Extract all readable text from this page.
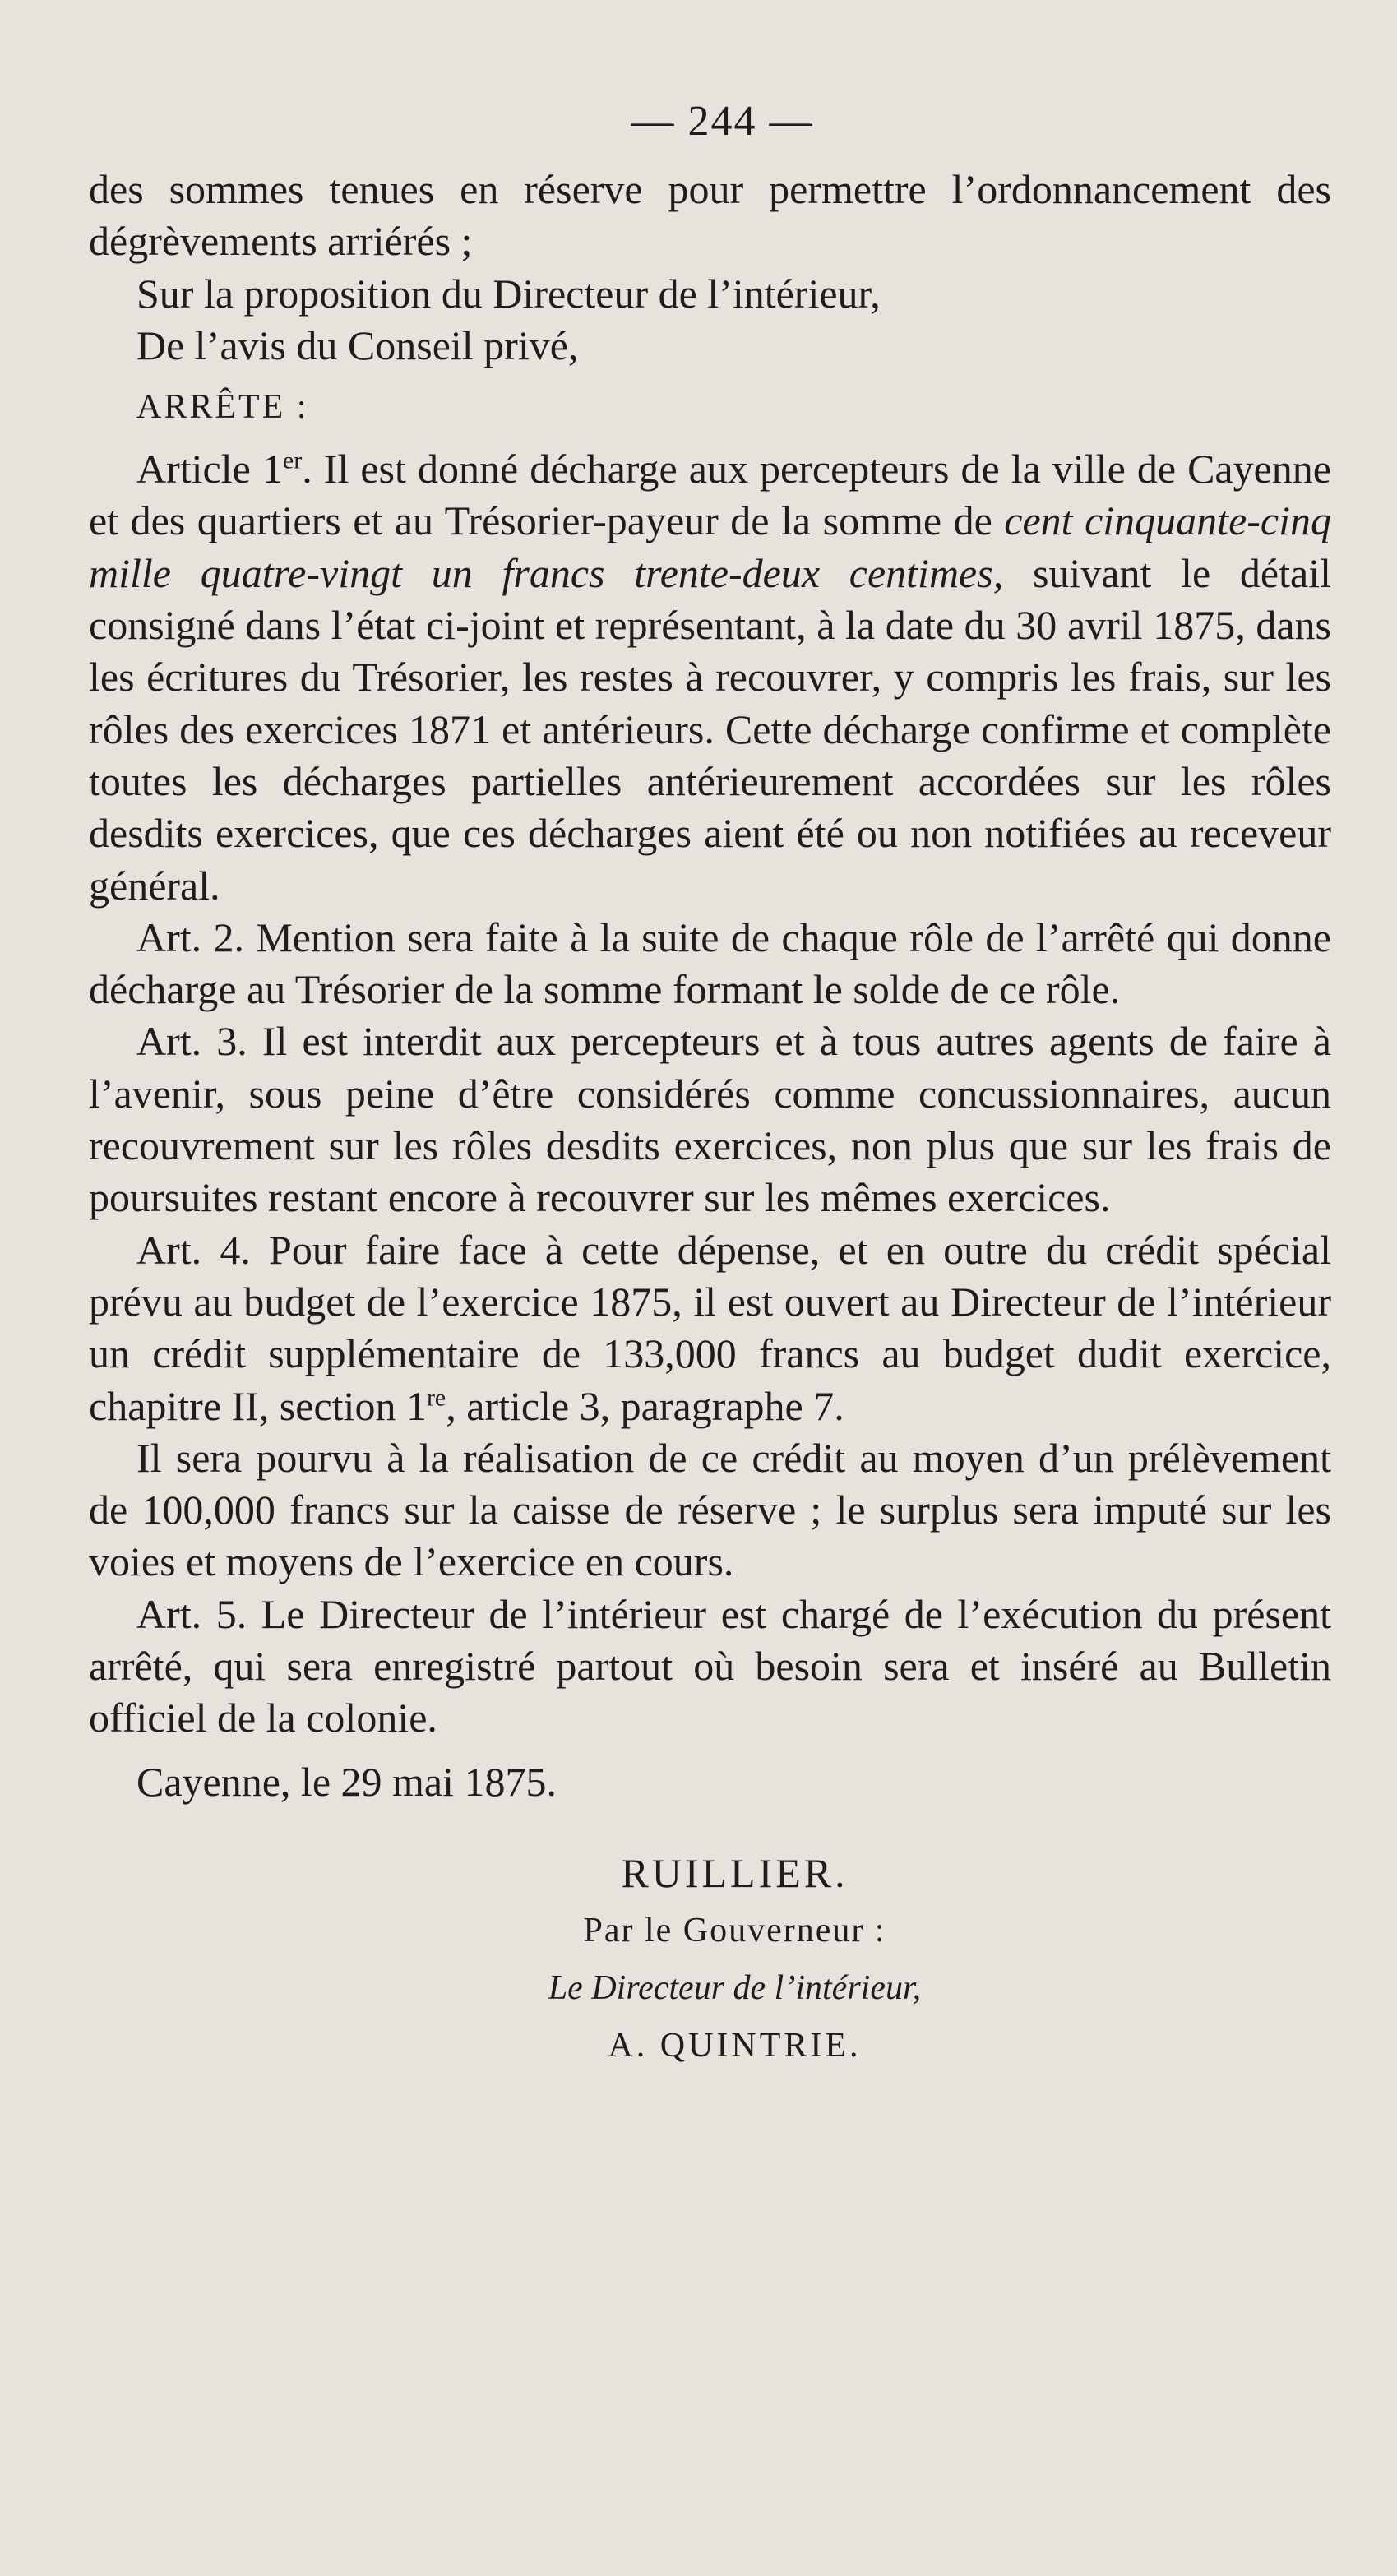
— 244 —

des sommes tenues en réserve pour permettre l’ordonnancement des dégrèvements arriérés ;

Sur la proposition du Directeur de l’intérieur,

De l’avis du Conseil privé,

ARRÊTE :

Article 1er. Il est donné décharge aux percepteurs de la ville de Cayenne et des quartiers et au Trésorier-payeur de la somme de cent cinquante-cinq mille quatre-vingt un francs trente-deux centimes, suivant le détail consigné dans l’état ci-joint et représentant, à la date du 30 avril 1875, dans les écritures du Trésorier, les restes à recouvrer, y compris les frais, sur les rôles des exercices 1871 et antérieurs. Cette décharge confirme et complète toutes les décharges partielles antérieurement accordées sur les rôles desdits exercices, que ces décharges aient été ou non notifiées au receveur général.

Art. 2. Mention sera faite à la suite de chaque rôle de l’arrêté qui donne décharge au Trésorier de la somme formant le solde de ce rôle.

Art. 3. Il est interdit aux percepteurs et à tous autres agents de faire à l’avenir, sous peine d’être considérés comme concussionnaires, aucun recouvrement sur les rôles desdits exercices, non plus que sur les frais de poursuites restant encore à recouvrer sur les mêmes exercices.

Art. 4. Pour faire face à cette dépense, et en outre du crédit spécial prévu au budget de l’exercice 1875, il est ouvert au Directeur de l’intérieur un crédit supplémentaire de 133,000 francs au budget dudit exercice, chapitre II, section 1re, article 3, paragraphe 7.

Il sera pourvu à la réalisation de ce crédit au moyen d’un prélèvement de 100,000 francs sur la caisse de réserve ; le surplus sera imputé sur les voies et moyens de l’exercice en cours.

Art. 5. Le Directeur de l’intérieur est chargé de l’exécution du présent arrêté, qui sera enregistré partout où besoin sera et inséré au Bulletin officiel de la colonie.

Cayenne, le 29 mai 1875.

RUILLIER.
Par le Gouverneur :
Le Directeur de l’intérieur,
A. QUINTRIE.
